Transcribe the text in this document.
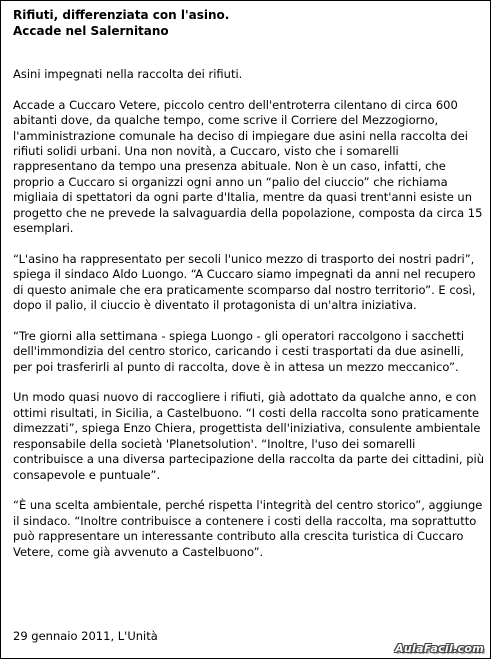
Rifiuti, differenziata con l'asino.
Accade nel Salernitano

Asini impegnati nella raccolta dei rifiuti.

Accade a Cuccaro Vetere, piccolo centro dell'entroterra cilentano di circa 600 abitanti dove, da qualche tempo, come scrive il Corriere del Mezzogiorno, l'amministrazione comunale ha deciso di impiegare due asini nella raccolta dei rifiuti solidi urbani. Una non novità, a Cuccaro, visto che i somarelli rappresentano da tempo una presenza abituale. Non è un caso, infatti, che proprio a Cuccaro si organizzi ogni anno un “palio del ciuccio” che richiama migliaia di spettatori da ogni parte d'Italia, mentre da quasi trent'anni esiste un progetto che ne prevede la salvaguardia della popolazione, composta da circa 15 esemplari.

“L'asino ha rappresentato per secoli l'unico mezzo di trasporto dei nostri padri”, spiega il sindaco Aldo Luongo. “A Cuccaro siamo impegnati da anni nel recupero di questo animale che era praticamente scomparso dal nostro territorio”. E così, dopo il palio, il ciuccio è diventato il protagonista di un'altra iniziativa.

“Tre giorni alla settimana - spiega Luongo - gli operatori raccolgono i sacchetti dell'immondizia del centro storico, caricando i cesti trasportati da due asinelli, per poi trasferirli al punto di raccolta, dove è in attesa un mezzo meccanico”.

Un modo quasi nuovo di raccogliere i rifiuti, già adottato da qualche anno, e con ottimi risultati, in Sicilia, a Castelbuono. “I costi della raccolta sono praticamente dimezzati”, spiega Enzo Chiera, progettista dell'iniziativa, consulente ambientale responsabile della società 'Planetsolution'. “Inoltre, l'uso dei somarelli contribuisce a una diversa partecipazione della raccolta da parte dei cittadini, più consapevole e puntuale”.

“È una scelta ambientale, perché rispetta l'integrità del centro storico”, aggiunge il sindaco. “Inoltre contribuisce a contenere i costi della raccolta, ma soprattutto può rappresentare un interessante contributo alla crescita turistica di Cuccaro Vetere, come già avvenuto a Castelbuono”.

29 gennaio 2011, L'Unità
AulaFacil.com
